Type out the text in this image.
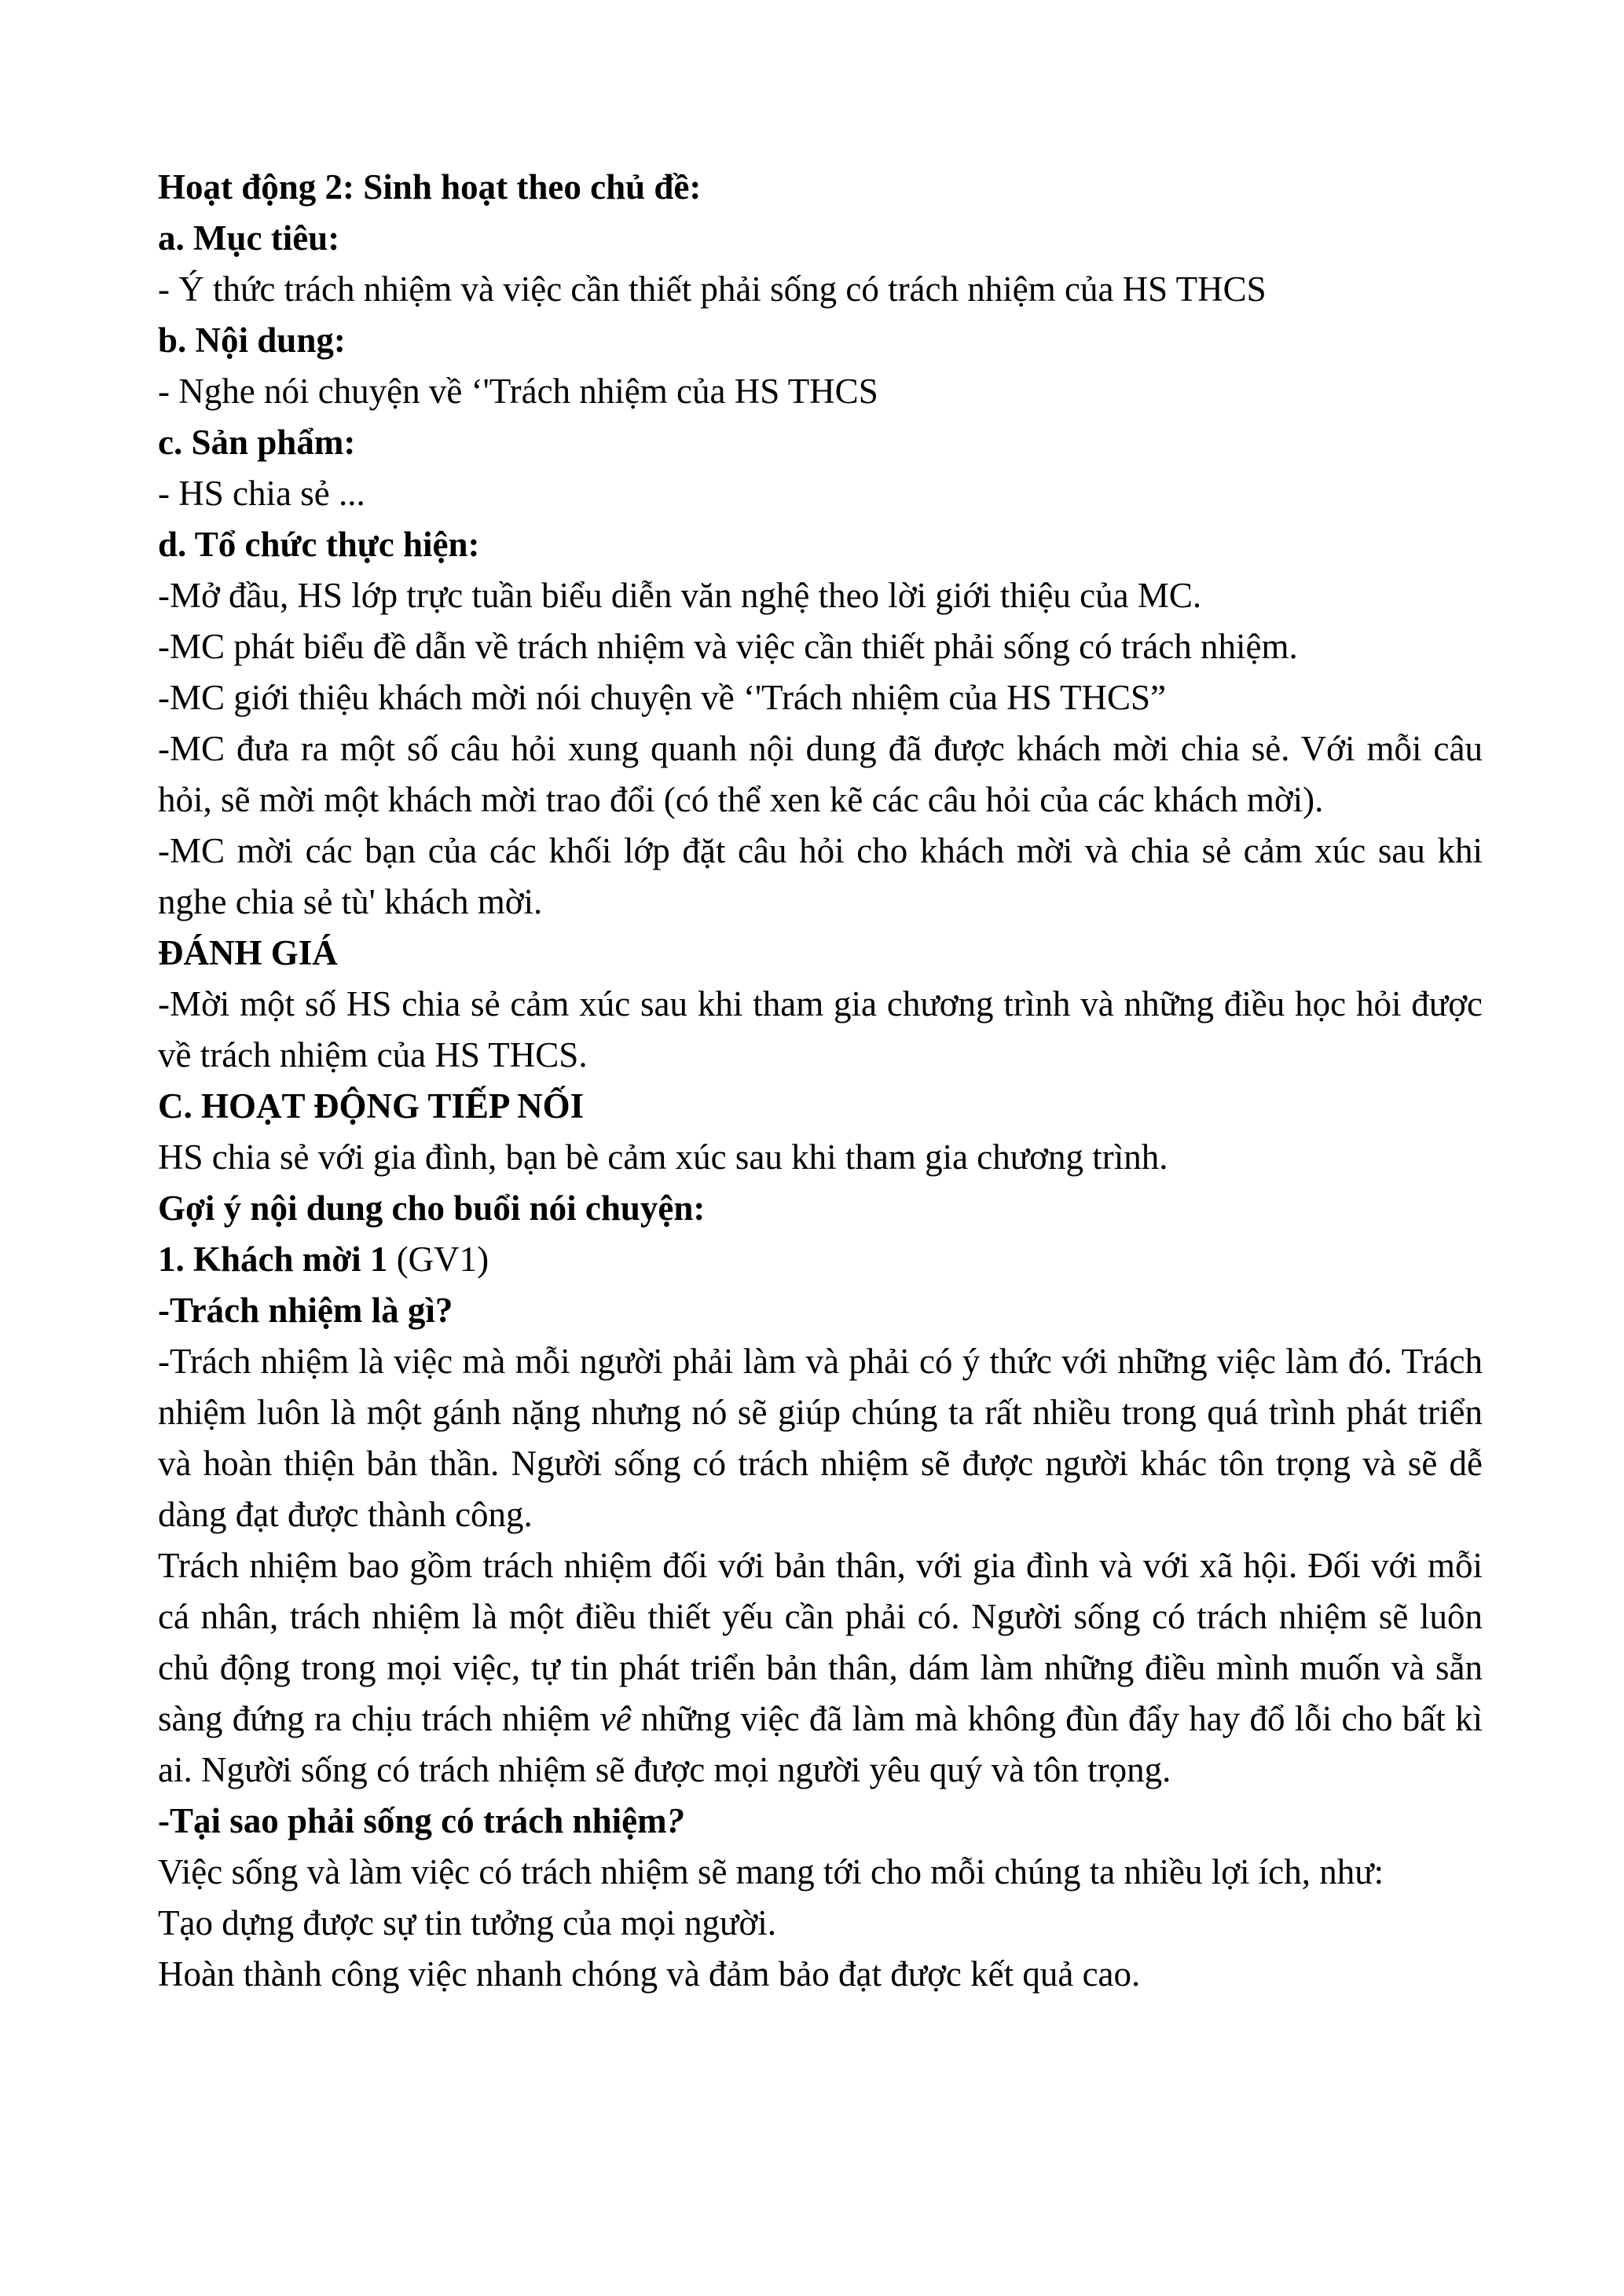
Hoạt động 2: Sinh hoạt theo chủ đề:

a. Mục tiêu:

- Ý thức trách nhiệm và việc cần thiết phải sống có trách nhiệm của HS THCS

b. Nội dung:

- Nghe nói chuyện về ‘'Trách nhiệm của HS THCS

c. Sản phẩm:

- HS chia sẻ ...

d. Tổ chức thực hiện:

-Mở đầu, HS lớp trực tuần biểu diễn văn nghệ theo lời giới thiệu của MC.

-MC phát biểu đề dẫn về trách nhiệm và việc cần thiết phải sống có trách nhiệm.

-MC giới thiệu khách mời nói chuyện về ‘'Trách nhiệm của HS THCS”

-MC đưa ra một số câu hỏi xung quanh nội dung đã được khách mời chia sẻ. Với mỗi câu hỏi, sẽ mời một khách mời trao đổi (có thể xen kẽ các câu hỏi của các khách mời).

-MC mời các bạn của các khối lớp đặt câu hỏi cho khách mời và chia sẻ cảm xúc sau khi nghe chia sẻ tù' khách mời.

ĐÁNH GIÁ

-Mời một số HS chia sẻ cảm xúc sau khi tham gia chương trình và những điều học hỏi được về trách nhiệm của HS THCS.

C. HOẠT ĐỘNG TIẾP NỐI

HS chia sẻ với gia đình, bạn bè cảm xúc sau khi tham gia chương trình.

Gợi ý nội dung cho buổi nói chuyện:

1. Khách mời 1 (GV1)

-Trách nhiệm là gì?

-Trách nhiệm là việc mà mỗi người phải làm và phải có ý thức với những việc làm đó. Trách nhiệm luôn là một gánh nặng nhưng nó sẽ giúp chúng ta rất nhiều trong quá trình phát triển và hoàn thiện bản thần. Người sống có trách nhiệm sẽ được người khác tôn trọng và sẽ dễ dàng đạt được thành công.

Trách nhiệm bao gồm trách nhiệm đối với bản thân, với gia đình và với xã hội. Đối với mỗi cá nhân, trách nhiệm là một điều thiết yếu cần phải có. Người sống có trách nhiệm sẽ luôn chủ động trong mọi việc, tự tin phát triển bản thân, dám làm những điều mình muốn và sẵn sàng đứng ra chịu trách nhiệm vê những việc đã làm mà không đùn đẩy hay đổ lỗi cho bất kì ai. Người sống có trách nhiệm sẽ được mọi người yêu quý và tôn trọng.

-Tại sao phải sống có trách nhiệm?

Việc sống và làm việc có trách nhiệm sẽ mang tới cho mỗi chúng ta nhiều lợi ích, như:

Tạo dựng được sự tin tưởng của mọi người.

Hoàn thành công việc nhanh chóng và đảm bảo đạt được kết quả cao.
